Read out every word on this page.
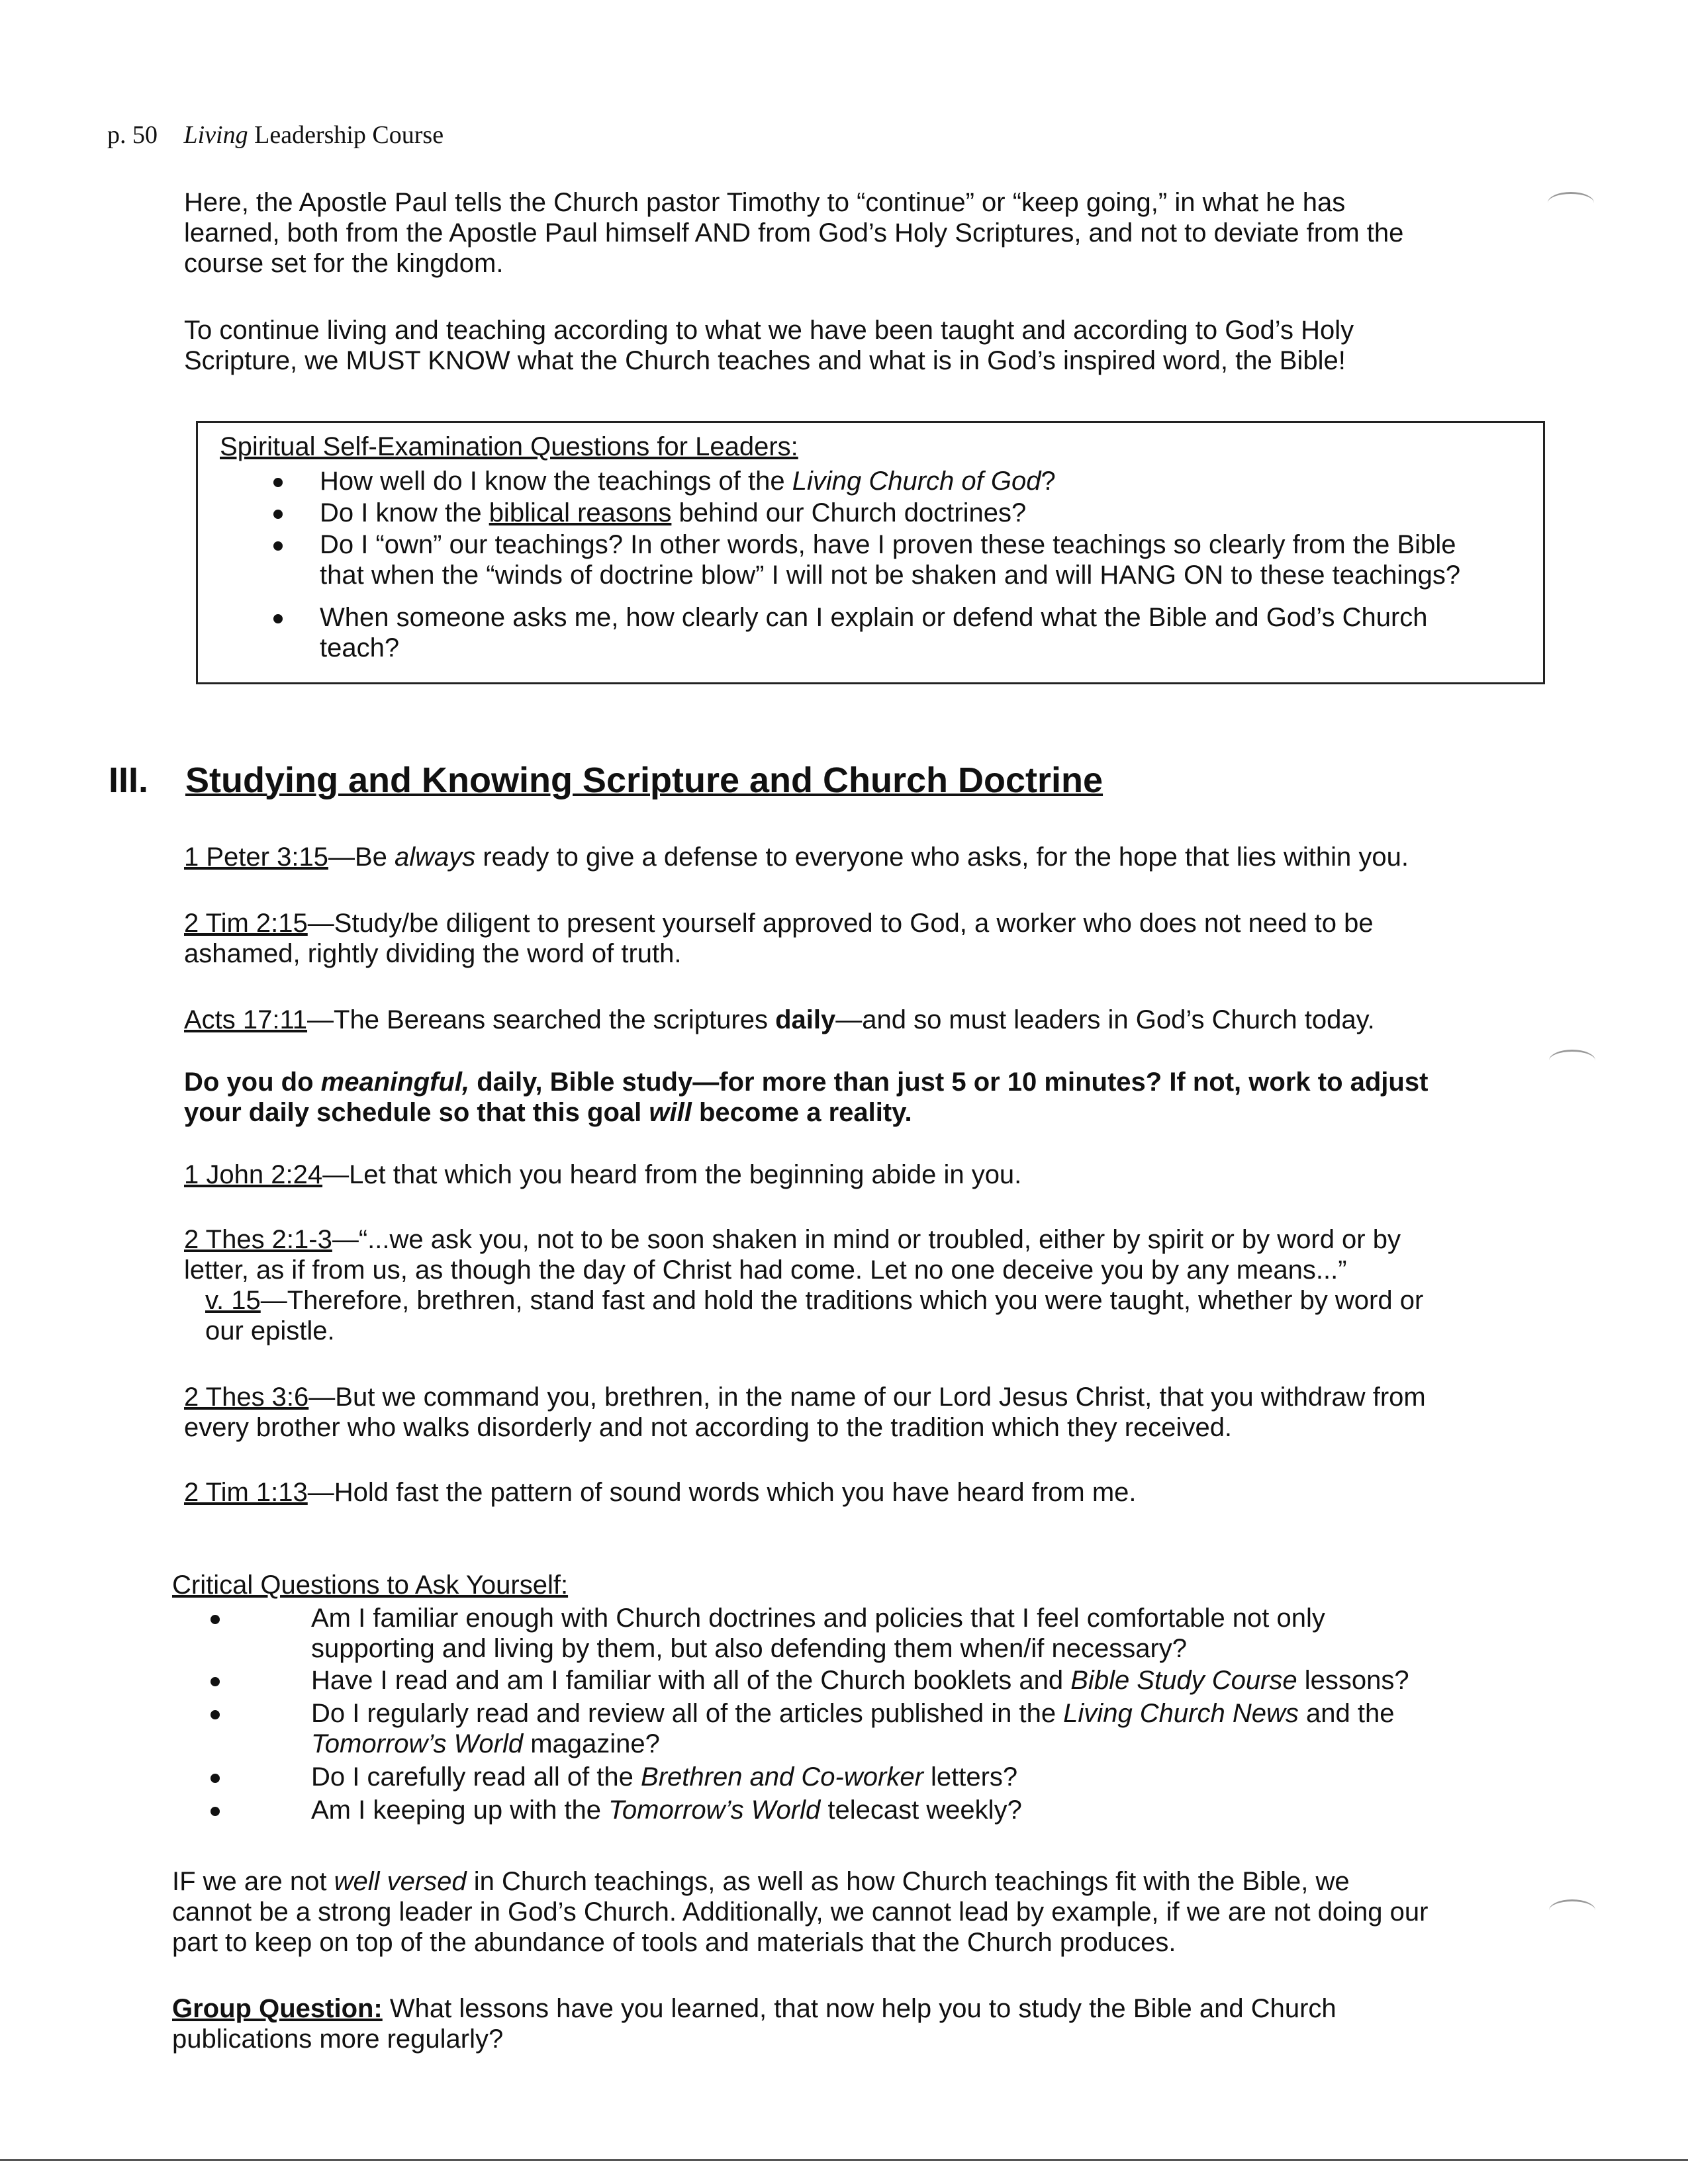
p. 50 Living Leadership Course
Here, the Apostle Paul tells the Church pastor Timothy to “continue” or “keep going,” in what he has
learned, both from the Apostle Paul himself AND from God’s Holy Scriptures, and not to deviate from the
course set for the kingdom.
To continue living and teaching according to what we have been taught and according to God’s Holy
Scripture, we MUST KNOW what the Church teaches and what is in God’s inspired word, the Bible!
Spiritual Self-Examination Questions for Leaders:
How well do I know the teachings of the Living Church of God?
Do I know the biblical reasons behind our Church doctrines?
Do I “own” our teachings? In other words, have I proven these teachings so clearly from the Bible
that when the “winds of doctrine blow” I will not be shaken and will HANG ON to these teachings?
When someone asks me, how clearly can I explain or defend what the Bible and God’s Church
teach?
III. Studying and Knowing Scripture and Church Doctrine
1 Peter 3:15—Be always ready to give a defense to everyone who asks, for the hope that lies within you.
2 Tim 2:15—Study/be diligent to present yourself approved to God, a worker who does not need to be
ashamed, rightly dividing the word of truth.
Acts 17:11—The Bereans searched the scriptures daily—and so must leaders in God’s Church today.
Do you do meaningful, daily, Bible study—for more than just 5 or 10 minutes? If not, work to adjust
your daily schedule so that this goal will become a reality.
1 John 2:24—Let that which you heard from the beginning abide in you.
2 Thes 2:1-3—“...we ask you, not to be soon shaken in mind or troubled, either by spirit or by word or by
letter, as if from us, as though the day of Christ had come. Let no one deceive you by any means...”
v. 15—Therefore, brethren, stand fast and hold the traditions which you were taught, whether by word or
our epistle.
2 Thes 3:6—But we command you, brethren, in the name of our Lord Jesus Christ, that you withdraw from
every brother who walks disorderly and not according to the tradition which they received.
2 Tim 1:13—Hold fast the pattern of sound words which you have heard from me.
Critical Questions to Ask Yourself:
Am I familiar enough with Church doctrines and policies that I feel comfortable not only
supporting and living by them, but also defending them when/if necessary?
Have I read and am I familiar with all of the Church booklets and Bible Study Course lessons?
Do I regularly read and review all of the articles published in the Living Church News and the
Tomorrow’s World magazine?
Do I carefully read all of the Brethren and Co-worker letters?
Am I keeping up with the Tomorrow’s World telecast weekly?
IF we are not well versed in Church teachings, as well as how Church teachings fit with the Bible, we
cannot be a strong leader in God’s Church. Additionally, we cannot lead by example, if we are not doing our
part to keep on top of the abundance of tools and materials that the Church produces.
Group Question: What lessons have you learned, that now help you to study the Bible and Church
publications more regularly?
